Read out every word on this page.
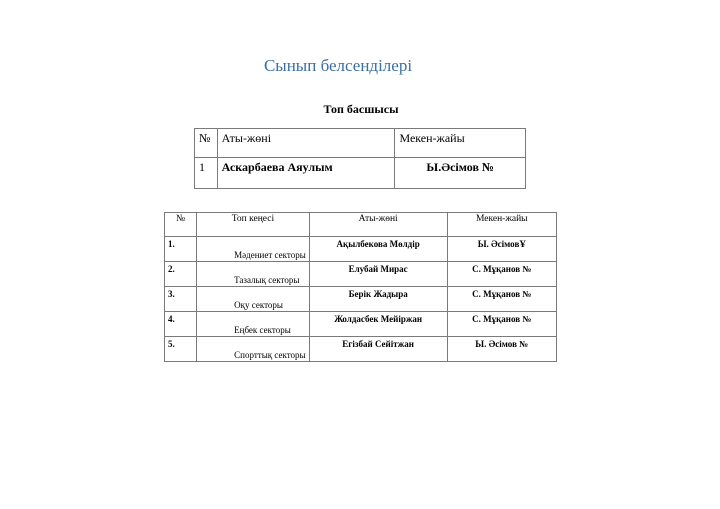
Сынып белсенділері
Топ басшысы
№	Аты-жөні	Мекен-жайы
1	Аскарбаева Аяулым	Ы.Әсімов №
№	Топ кеңесі	Аты-жөні	Мекен-жайы
1.	Мәдениет секторы	Ақылбекова Мөлдір	Ы. ӘсімовҰ
2.	Тазалық секторы	Елубай Мирас	С. Мұқанов №
3.	Оқу секторы	Берік Жадыра	С. Мұқанов №
4.	Еңбек секторы	Жолдасбек Мейіржан	С. Мұқанов №
5.	Спорттық секторы	Егізбай Сейітжан	Ы. Әсімов №
